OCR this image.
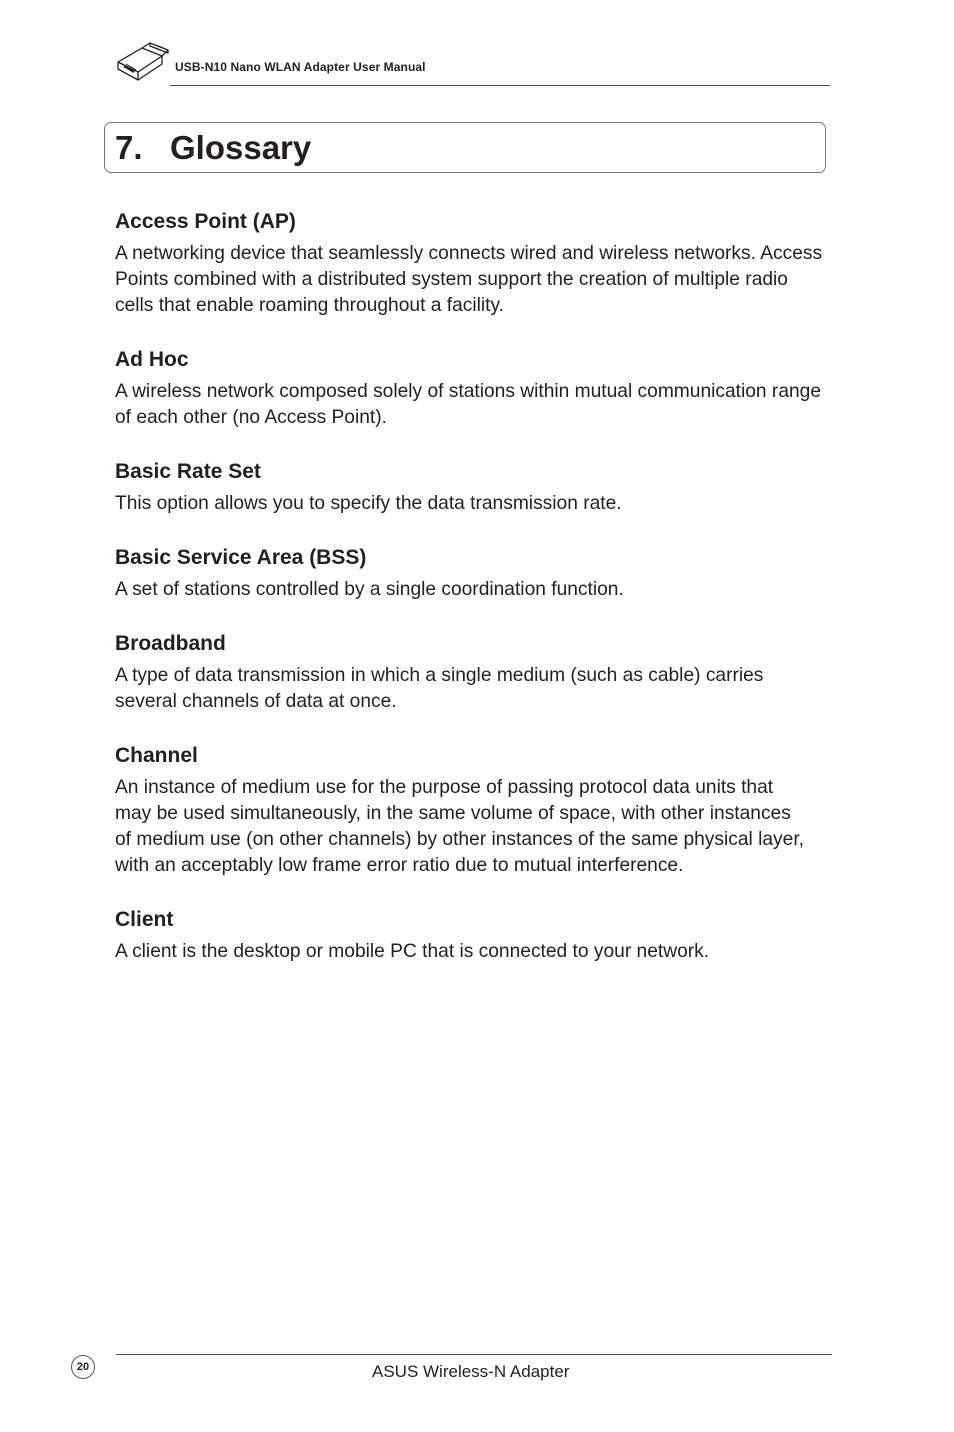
USB-N10 Nano WLAN Adapter User Manual
7. Glossary
Access Point (AP)

A networking device that seamlessly connects wired and wireless networks. Access
Points combined with a distributed system support the creation of multiple radio
cells that enable roaming throughout a facility.

Ad Hoc

A wireless network composed solely of stations within mutual communication range
of each other (no Access Point).

Basic Rate Set

This option allows you to specify the data transmission rate.

Basic Service Area (BSS)

A set of stations controlled by a single coordination function.

Broadband

A type of data transmission in which a single medium (such as cable) carries
several channels of data at once.

Channel

An instance of medium use for the purpose of passing protocol data units that
may be used simultaneously, in the same volume of space, with other instances
of medium use (on other channels) by other instances of the same physical layer,
with an acceptably low frame error ratio due to mutual interference.

Client

A client is the desktop or mobile PC that is connected to your network.

20	ASUS Wireless-N Adapter
